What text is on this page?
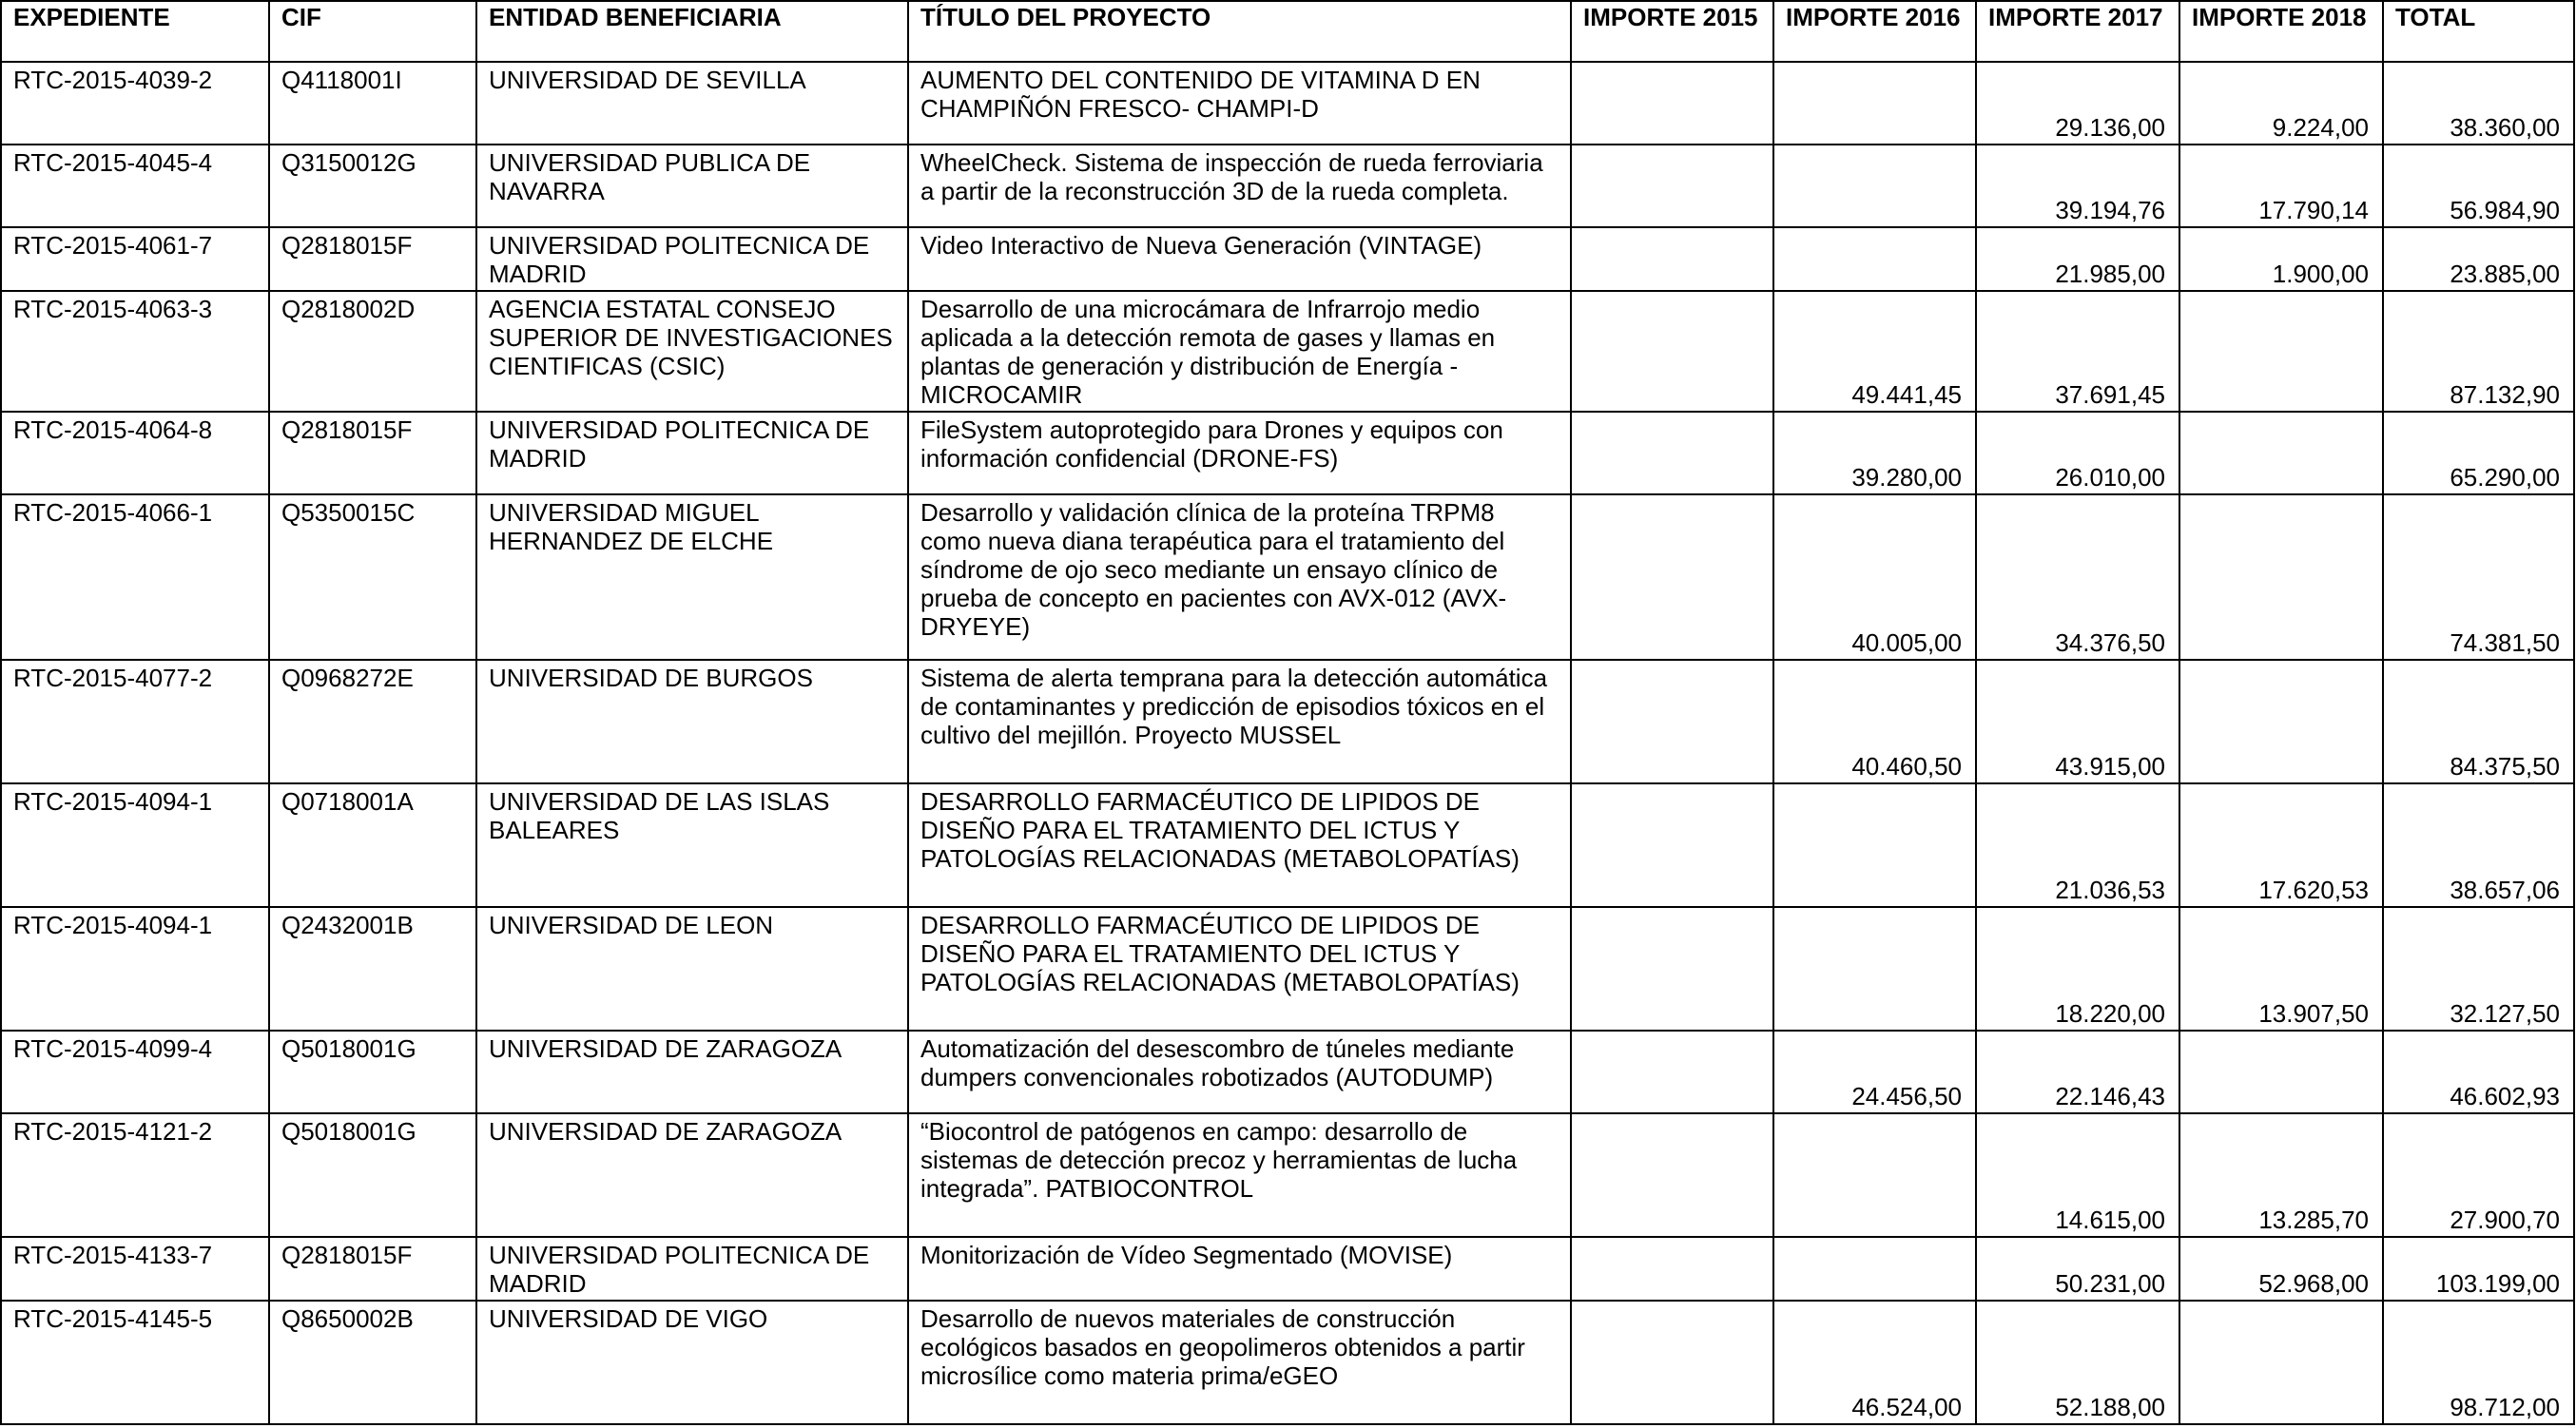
EXPEDIENTE	CIF	ENTIDAD BENEFICIARIA	TÍTULO DEL PROYECTO	IMPORTE 2015	IMPORTE 2016	IMPORTE 2017	IMPORTE 2018	TOTAL
RTC-2015-4039-2	Q4118001I	UNIVERSIDAD DE SEVILLA	AUMENTO DEL CONTENIDO DE VITAMINA D EN CHAMPIÑÓN FRESCO- CHAMPI-D			29.136,00	9.224,00	38.360,00
RTC-2015-4045-4	Q3150012G	UNIVERSIDAD PUBLICA DE NAVARRA	WheelCheck. Sistema de inspección de rueda ferroviaria a partir de la reconstrucción 3D de la rueda completa.			39.194,76	17.790,14	56.984,90
RTC-2015-4061-7	Q2818015F	UNIVERSIDAD POLITECNICA DE MADRID	Video Interactivo de Nueva Generación (VINTAGE)			21.985,00	1.900,00	23.885,00
RTC-2015-4063-3	Q2818002D	AGENCIA ESTATAL CONSEJO SUPERIOR DE INVESTIGACIONES CIENTIFICAS (CSIC)	Desarrollo de una microcámara de Infrarrojo medio aplicada a la detección remota de gases y llamas en plantas de generación y distribución de Energía - MICROCAMIR		49.441,45	37.691,45		87.132,90
RTC-2015-4064-8	Q2818015F	UNIVERSIDAD POLITECNICA DE MADRID	FileSystem autoprotegido para Drones y equipos con información confidencial (DRONE-FS)		39.280,00	26.010,00		65.290,00
RTC-2015-4066-1	Q5350015C	UNIVERSIDAD MIGUEL HERNANDEZ DE ELCHE	Desarrollo y validación clínica de la proteína TRPM8 como nueva diana terapéutica para el tratamiento del síndrome de ojo seco mediante un ensayo clínico de prueba de concepto en pacientes con AVX-012 (AVX-DRYEYE)		40.005,00	34.376,50		74.381,50
RTC-2015-4077-2	Q0968272E	UNIVERSIDAD DE BURGOS	Sistema de alerta temprana para la detección automática de contaminantes y predicción de episodios tóxicos en el cultivo del mejillón. Proyecto MUSSEL		40.460,50	43.915,00		84.375,50
RTC-2015-4094-1	Q0718001A	UNIVERSIDAD DE LAS ISLAS BALEARES	DESARROLLO FARMACÉUTICO DE LIPIDOS DE DISEÑO PARA EL TRATAMIENTO DEL ICTUS Y PATOLOGÍAS RELACIONADAS (METABOLOPATÍAS)			21.036,53	17.620,53	38.657,06
RTC-2015-4094-1	Q2432001B	UNIVERSIDAD DE LEON	DESARROLLO FARMACÉUTICO DE LIPIDOS DE DISEÑO PARA EL TRATAMIENTO DEL ICTUS Y PATOLOGÍAS RELACIONADAS (METABOLOPATÍAS)			18.220,00	13.907,50	32.127,50
RTC-2015-4099-4	Q5018001G	UNIVERSIDAD DE ZARAGOZA	Automatización del desescombro de túneles mediante dumpers convencionales robotizados (AUTODUMP)		24.456,50	22.146,43		46.602,93
RTC-2015-4121-2	Q5018001G	UNIVERSIDAD DE ZARAGOZA	“Biocontrol de patógenos en campo: desarrollo de sistemas de detección precoz y herramientas de lucha integrada”. PATBIOCONTROL			14.615,00	13.285,70	27.900,70
RTC-2015-4133-7	Q2818015F	UNIVERSIDAD POLITECNICA DE MADRID	Monitorización de Vídeo Segmentado (MOVISE)			50.231,00	52.968,00	103.199,00
RTC-2015-4145-5	Q8650002B	UNIVERSIDAD DE VIGO	Desarrollo de nuevos materiales de construcción ecológicos basados en geopolimeros obtenidos a partir microsílice como materia prima/eGEO		46.524,00	52.188,00		98.712,00
